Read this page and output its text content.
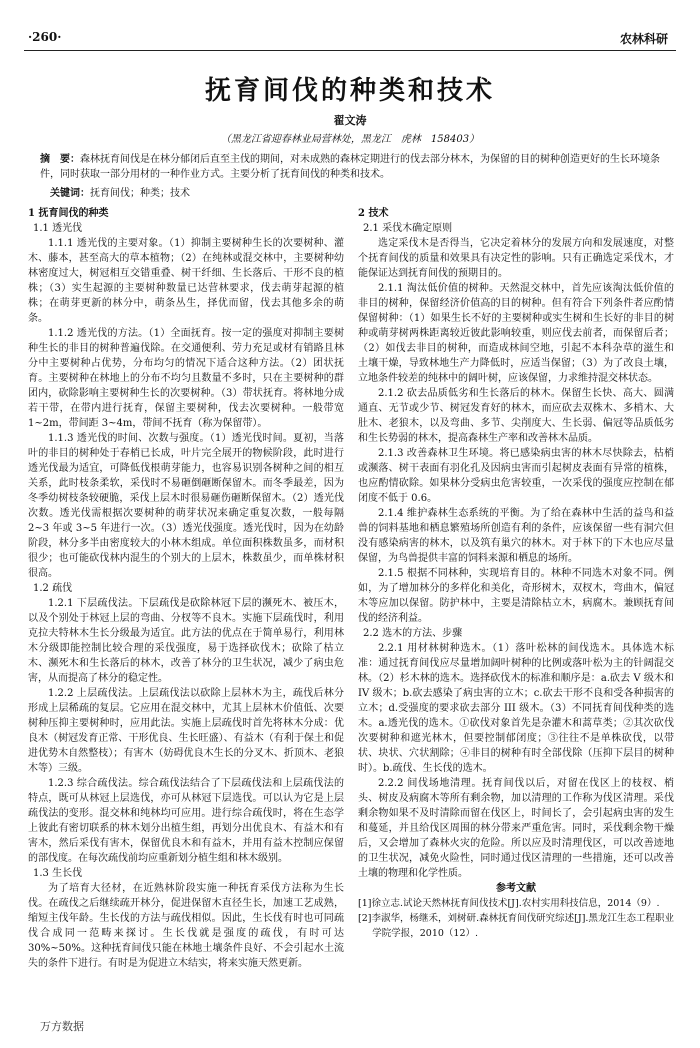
·260·	农林科研
抚育间伐的种类和技术
翟文涛
（黑龙江省迎春林业局营林处，黑龙江　虎林　158403）
摘　要：森林抚育间伐是在林分郁闭后直至主伐的期间，对未成熟的森林定期进行的伐去部分林木，为保留的目的树种创造更好的生长环境条件，同时获取一部分用材的一种作业方式。主要分析了抚育间伐的种类和技术。
关键词：抚育间伐；种类；技术
1 抚育间伐的种类
1.1 透光伐
1.1.1 透光伐的主要对象。（1）抑制主要树种生长的次要树种、灌木、藤本，甚至高大的草本植物；（2）在纯林或混交林中，主要树种幼林密度过大，树冠相互交错重叠、树干纤细、生长落后、干形不良的植株；（3）实生起源的主要树种数量已达营林要求，伐去萌芽起源的植株；在萌芽更新的林分中，萌条丛生，择优而留，伐去其他多余的萌条。
1.1.2 透光伐的方法。（1）全面抚育。按一定的强度对抑制主要树种生长的非目的树种普遍伐除。在交通便利、劳力充足或材有销路且林分中主要树种占优势，分布均匀的情况下适合这种方法。（2）团状抚育。主要树种在林地上的分布不均匀且数量不多时，只在主要树种的群团内，砍除影响主要树种生长的次要树种。（3）带状抚育。将林地分成若干带，在带内进行抚育，保留主要树种，伐去次要树种。一般带宽 1~2m，带间距 3~4m，带间不抚育（称为保留带）。
1.1.3 透光伐的时间、次数与强度。（1）透光伐时间。夏初，当落叶的非目的树种处于春梢已长成，叶片完全展开的物候阶段，此时进行透光伐最为适宜，可降低伐根萌芽能力，也容易识别各树种之间的相互关系，此时枝条柔软，采伐时不易砸倒砸断保留木。而冬季最差，因为冬季幼树枝条较硬脆，采伐上层木时很易砸伤砸断保留木。（2）透光伐次数。透光伐需根据次要树种的萌芽状况来确定重复次数，一般每隔 2~3 年或 3~5 年进行一次。（3）透光伐强度。透光伐时，因为在幼龄阶段，林分多半由密度较大的小林木组成。单位面积株数虽多，而材积很少；也可能砍伐林内混生的个别大的上层木，株数虽少，而单株材积很高。
1.2 疏伐
1.2.1 下层疏伐法。下层疏伐是砍除林冠下层的濒死木、被压木，以及个别处于林冠上层的弯曲、分杈等不良木。实施下层疏伐时，利用克拉夫特林木生长分级最为适宜。此方法的优点在于简单易行，利用林木分级即能控制比较合理的采伐强度，易于选择砍伐木；砍除了枯立木、濒死木和生长落后的林木，改善了林分的卫生状况，减少了病虫危害，从而提高了林分的稳定性。
1.2.2 上层疏伐法。上层疏伐法以砍除上层林木为主，疏伐后林分形成上层稀疏的复层。它应用在混交林中，尤其上层林木价值低、次要树种压抑主要树种时，应用此法。实施上层疏伐时首先将林木分成：优良木（树冠发育正常、干形优良、生长旺盛）、有益木（有利于保土和促进优势木自然整枝）；有害木（妨碍优良木生长的分叉木、折顶木、老狼木等）三级。
1.2.3 综合疏伐法。综合疏伐法结合了下层疏伐法和上层疏伐法的特点，既可从林冠上层选伐，亦可从林冠下层选伐。可以认为它是上层疏伐法的变形。混交林和纯林均可应用。进行综合疏伐时，将在生态学上彼此有密切联系的林木划分出植生组，再划分出优良木、有益木和有害木，然后采伐有害木，保留优良木和有益木，并用有益木控制应保留的部伐度。在每次疏伐前均应重新划分植生组和林木级别。
1.3 生长伐
为了培育大径材，在近熟林阶段实施一种抚育采伐方法称为生长伐。在疏伐之后继续疏开林分，促进保留木直径生长，加速工艺成熟，缩短主伐年龄。生长伐的方法与疏伐相似。因此，生长伐有时也可同疏伐合成同一范畴来探讨。生长伐就是强度的疏伐，有时可达 30%~50%。这种抚育间伐只能在林地土壤条件良好、不会引起水土流失的条件下进行。有时是为促进立木结实，将来实施天然更新。
2 技术
2.1 采伐木确定原则
选定采伐木是否得当，它决定着林分的发展方向和发展速度，对整个抚育间伐的质量和效果具有决定性的影响。只有正确选定采伐木，才能保证达到抚育间伐的预期目的。
2.1.1 淘汰低价值的树种。天然混交林中，首先应该淘汰低价值的非目的树种，保留经济价值高的目的树种。但有符合下列条件者应酌情保留树种：（1）如果生长不好的主要树种或实生树和生长好的非目的树种或萌芽树两株距离较近彼此影响较重，则应伐去前者，而保留后者；（2）如伐去非目的树种，而造成林间空地，引起不本科杂草的滋生和土壤干燥，导致林地生产力降低时，应适当保留；（3）为了改良土壤，立地条件较差的纯林中的阔叶树，应该保留，力求维持混交林状态。
2.1.2 砍去品质低劣和生长落后的林木。保留生长快、高大、圆满通直、无节或少节、树冠发育好的林木，而应砍去双株木、多梢木、大肚木、老狼木，以及弯曲、多节、尖削度大、生长弱、偏冠等品质低劣和生长势弱的林木，提高森林生产率和改善林木品质。
2.1.3 改善森林卫生环境。将已感染病虫害的林木尽快除去，枯梢或濒落、树干表面有羽化孔及因病虫害而引起树皮表面有异常的植株，也应酌情砍除。如果林分受病虫危害较重，一次采伐的强度应控制在郁闭度不低于 0.6。
2.1.4 维护森林生态系统的平衡。为了给在森林中生活的益鸟和益兽的饲料基地和栖息繁殖场所创造有利的条件，应该保留一些有洞穴但没有感染病害的林木，以及筑有巢穴的林木。对于林下的下木也应尽量保留，为鸟兽提供丰富的饲料来源和栖息的场所。
2.1.5 根据不同林种，实现培育目的。林种不同选木对象不同。例如，为了增加林分的多样化和美化，奇形树木，双杈木，弯曲木，偏冠木等应加以保留。防护林中，主要是清除枯立木，病腐木。兼顾抚育间伐的经济利益。
2.2 选木的方法、步骤
2.2.1 用材林树种选木。（1）落叶松林的间伐选木。具体选木标准：通过抚育间伐应尽量增加阔叶树种的比例或落叶松为主的针阔混交林。（2）杉木林的选木。选择砍伐木的标准和顺序是：a.砍去 V 级木和 IV 级木；b.砍去感染了病虫害的立木；c.砍去干形不良和受各种损害的立木；d.受强度的要求砍去部分 III 级木。（3）不同抚育间伐种类的选木。a.透光伐的选木。①砍伐对象首先是杂灌木和蒿草类；②其次砍伐次要树种和遮光林木，但要控制郁闭度；③往往不是单株砍伐，以带状、块状、穴状割除；④非目的树种有时全部伐除（压抑下层目的树种时）。b.疏伐、生长伐的选木。
2.2.2 间伐场地清理。抚育间伐以后，对留在伐区上的枝杈、梢头、树皮及病腐木等所有剩余物，加以清理的工作称为伐区清理。采伐剩余物如果不及时清除而留在伐区上，时间长了，会引起病虫害的发生和蔓延，并且给伐区周围的林分带来严重危害。同时，采伐剩余物干燥后，又会增加了森林火灾的危险。所以应及时清理伐区，可以改善迹地的卫生状况，减免火险性，同时通过伐区清理的一些措施，还可以改善土壤的物理和化学性质。
参考文献
[1]徐立志.试论天然林抚育间伐技术[J].农村实用科技信息，2014（9）.
[2]李淑华，杨继禾，刘树研.森林抚育间伐研究综述[J].黑龙江生态工程职业学院学报，2010（12）.
万方数据
